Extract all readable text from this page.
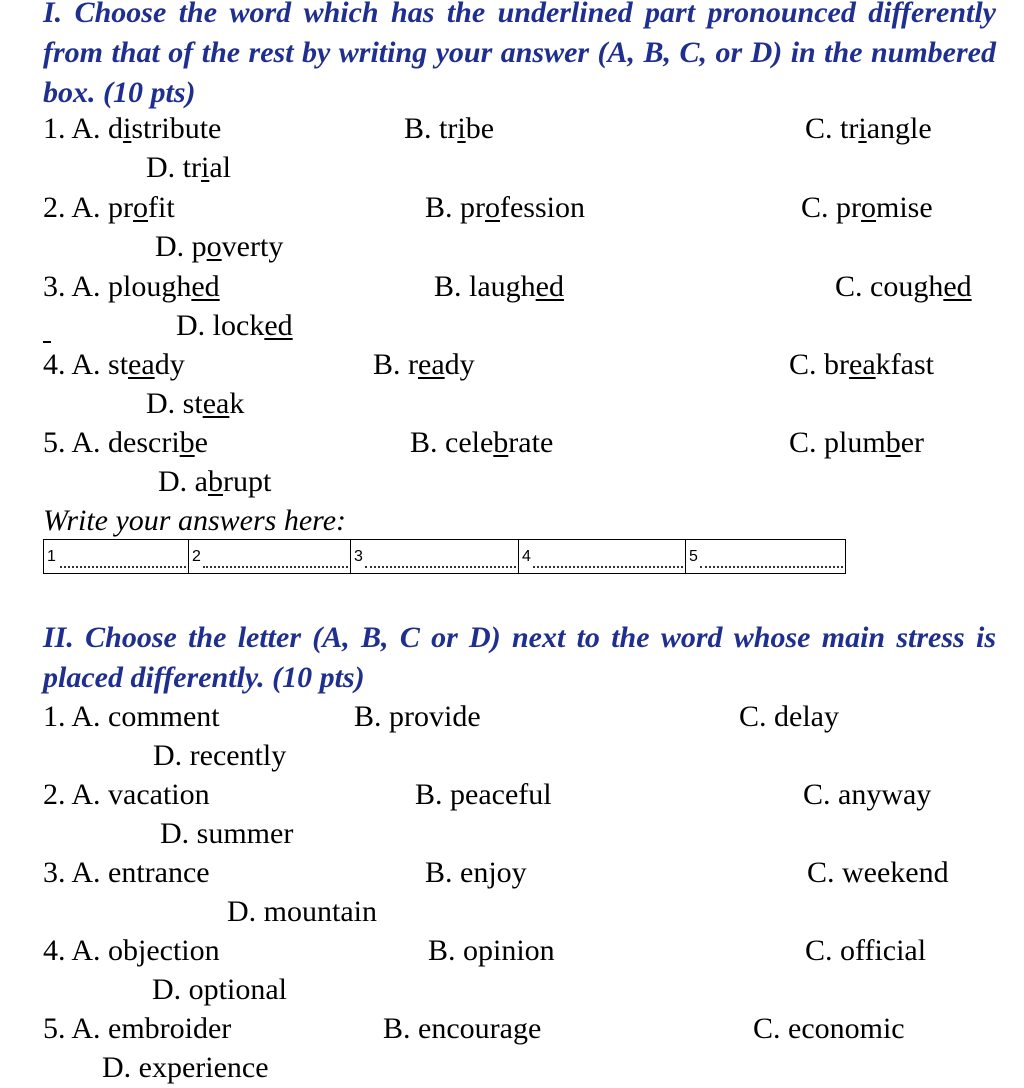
I. Choose the word which has the underlined part pronounced differently from that of the rest by writing your answer (A, B, C, or D) in the numbered box. (10 pts)

1. A. distribute	B. tribe	C. triangle
D. trial
2. A. profit	B. profession	C. promise
D. poverty
3. A. ploughed	B. laughed	C. coughed
D. locked
4. A. steady	B. ready	C. breakfast
D. steak
5. A. describe	B. celebrate	C. plumber
D. abrupt
Write your answers here:
1	2	3	4	5

II. Choose the letter (A, B, C or D) next to the word whose main stress is placed differently. (10 pts)

1. A. comment	B. provide	C. delay
D. recently
2. A. vacation	B. peaceful	C. anyway
D. summer
3. A. entrance	B. enjoy	C. weekend
D. mountain
4. A. objection	B. opinion	C. official
D. optional
5. A. embroider	B. encourage	C. economic
D. experience
